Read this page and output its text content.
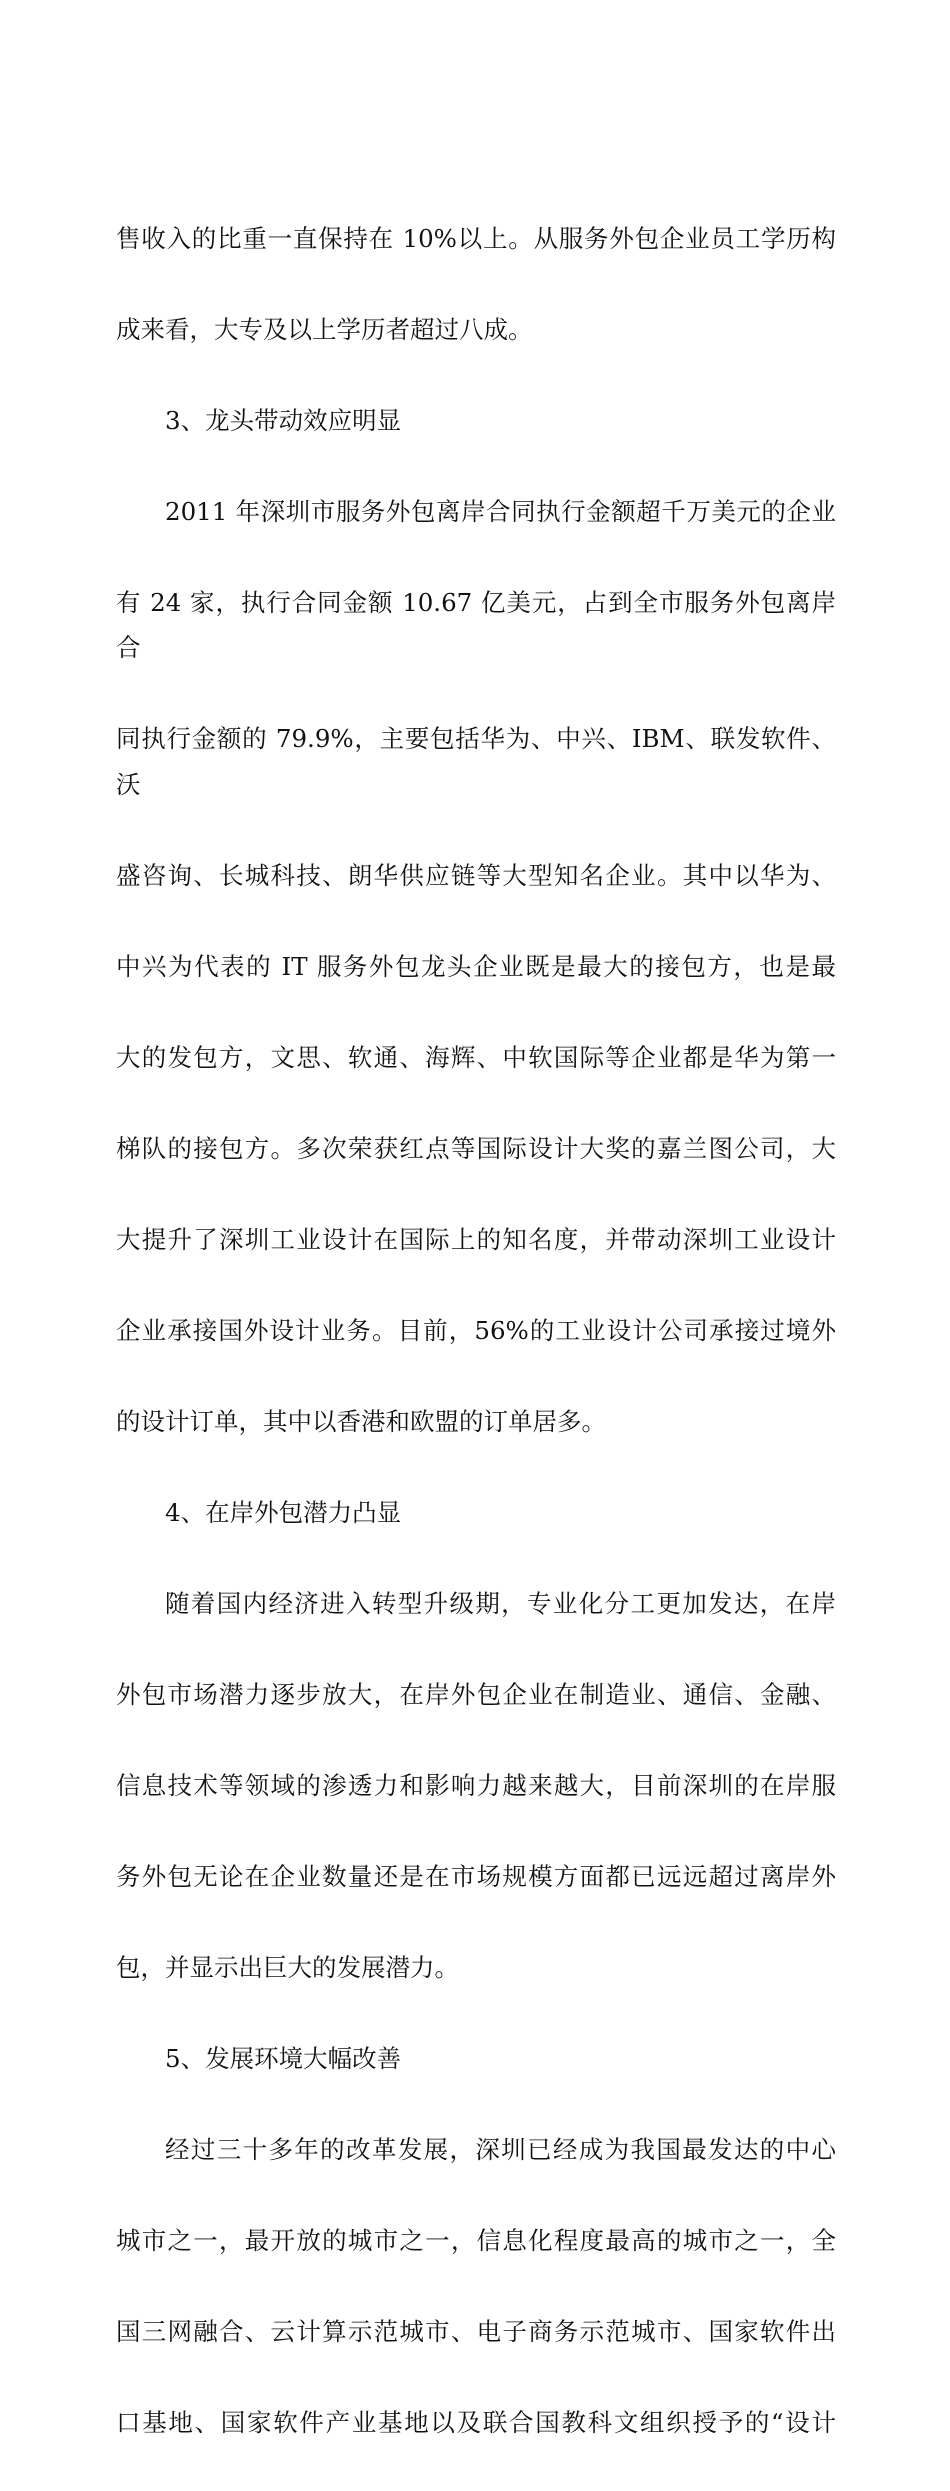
售收入的比重一直保持在 10%以上。从服务外包企业员工学历构

成来看，大专及以上学历者超过八成。

3、龙头带动效应明显

2011 年深圳市服务外包离岸合同执行金额超千万美元的企业

有 24 家，执行合同金额 10.67 亿美元，占到全市服务外包离岸合

同执行金额的 79.9%，主要包括华为、中兴、IBM、联发软件、沃

盛咨询、长城科技、朗华供应链等大型知名企业。其中以华为、

中兴为代表的 IT 服务外包龙头企业既是最大的接包方，也是最

大的发包方，文思、软通、海辉、中软国际等企业都是华为第一

梯队的接包方。多次荣获红点等国际设计大奖的嘉兰图公司，大

大提升了深圳工业设计在国际上的知名度，并带动深圳工业设计

企业承接国外设计业务。目前，56%的工业设计公司承接过境外

的设计订单，其中以香港和欧盟的订单居多。

4、在岸外包潜力凸显

随着国内经济进入转型升级期，专业化分工更加发达，在岸

外包市场潜力逐步放大，在岸外包企业在制造业、通信、金融、

信息技术等领域的渗透力和影响力越来越大，目前深圳的在岸服

务外包无论在企业数量还是在市场规模方面都已远远超过离岸外

包，并显示出巨大的发展潜力。

5、发展环境大幅改善

经过三十多年的改革发展，深圳已经成为我国最发达的中心

城市之一，最开放的城市之一，信息化程度最高的城市之一，全

国三网融合、云计算示范城市、电子商务示范城市、国家软件出

口基地、国家软件产业基地以及联合国教科文组织授予的“设计
